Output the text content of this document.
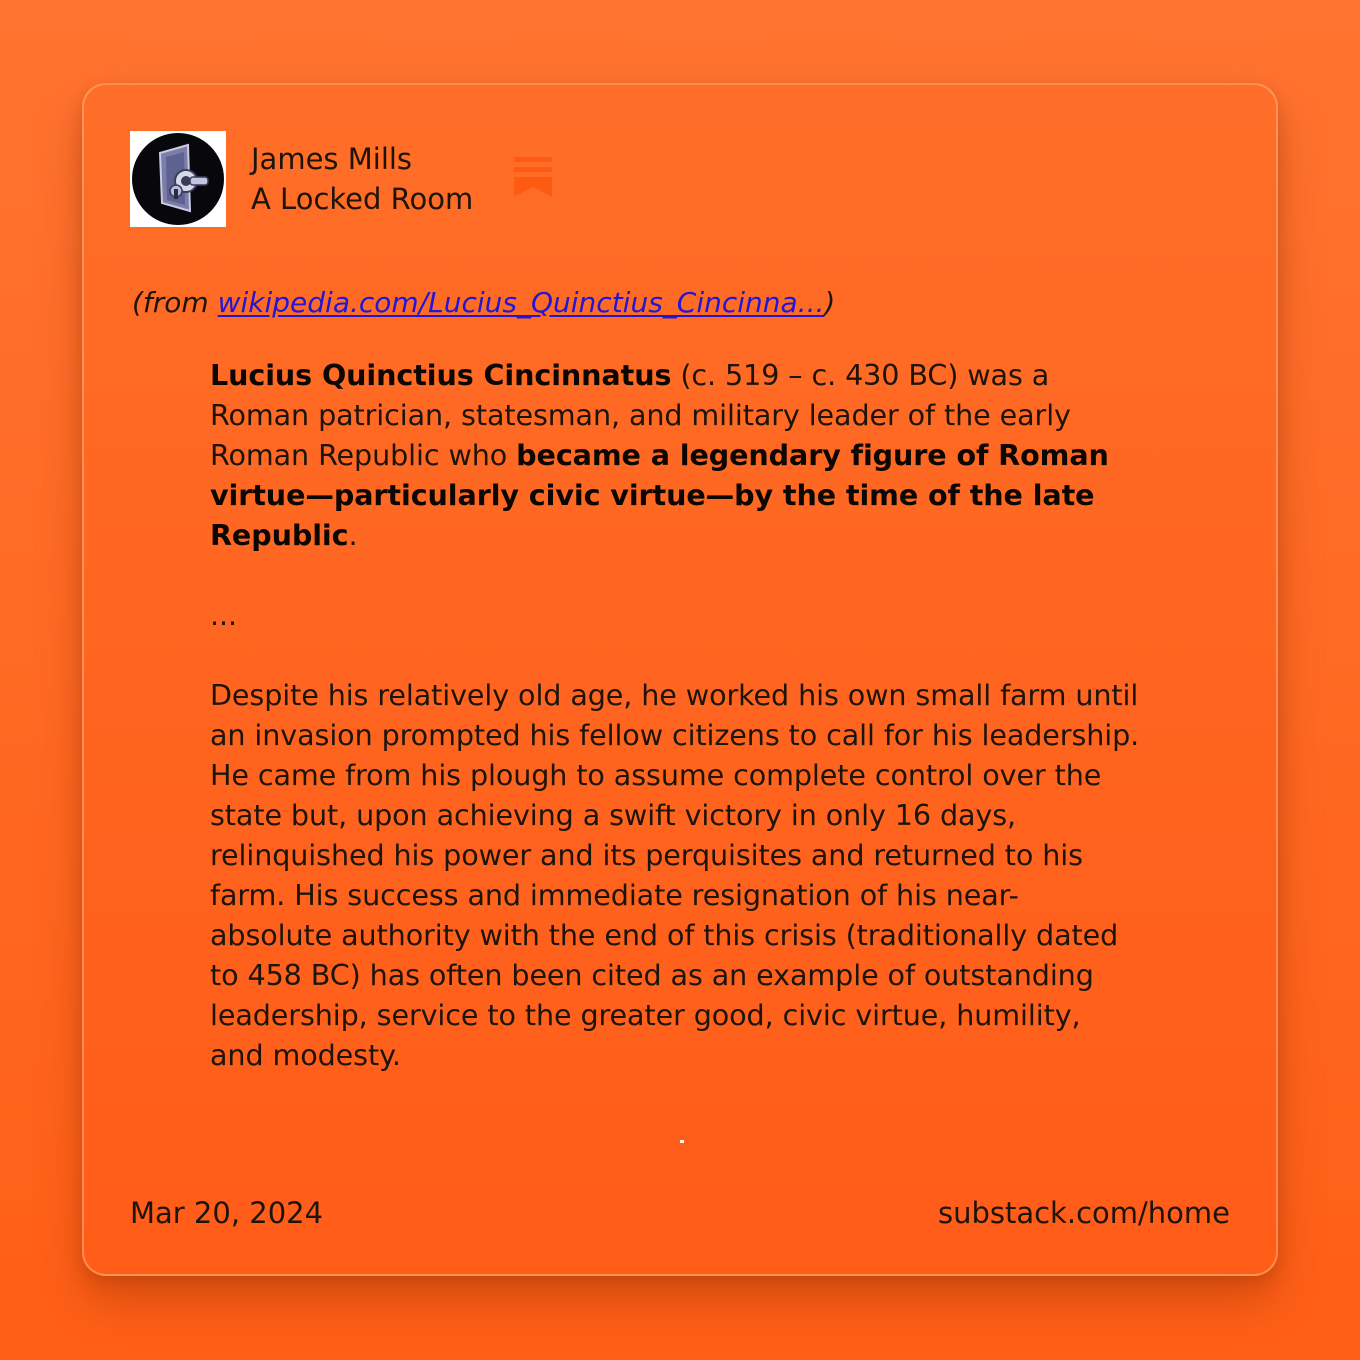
James Mills
A Locked Room
(from wikipedia.com/Lucius_Quinctius_Cincinna...)

Lucius Quinctius Cincinnatus (c. 519 – c. 430 BC) was a Roman patrician, statesman, and military leader of the early Roman Republic who became a legendary figure of Roman virtue—particularly civic virtue—by the time of the late Republic.

...

Despite his relatively old age, he worked his own small farm until an invasion prompted his fellow citizens to call for his leadership. He came from his plough to assume complete control over the state but, upon achieving a swift victory in only 16 days, relinquished his power and its perquisites and returned to his farm. His success and immediate resignation of his near-absolute authority with the end of this crisis (traditionally dated to 458 BC) has often been cited as an example of outstanding leadership, service to the greater good, civic virtue, humility, and modesty.

Mar 20, 2024	substack.com/home
